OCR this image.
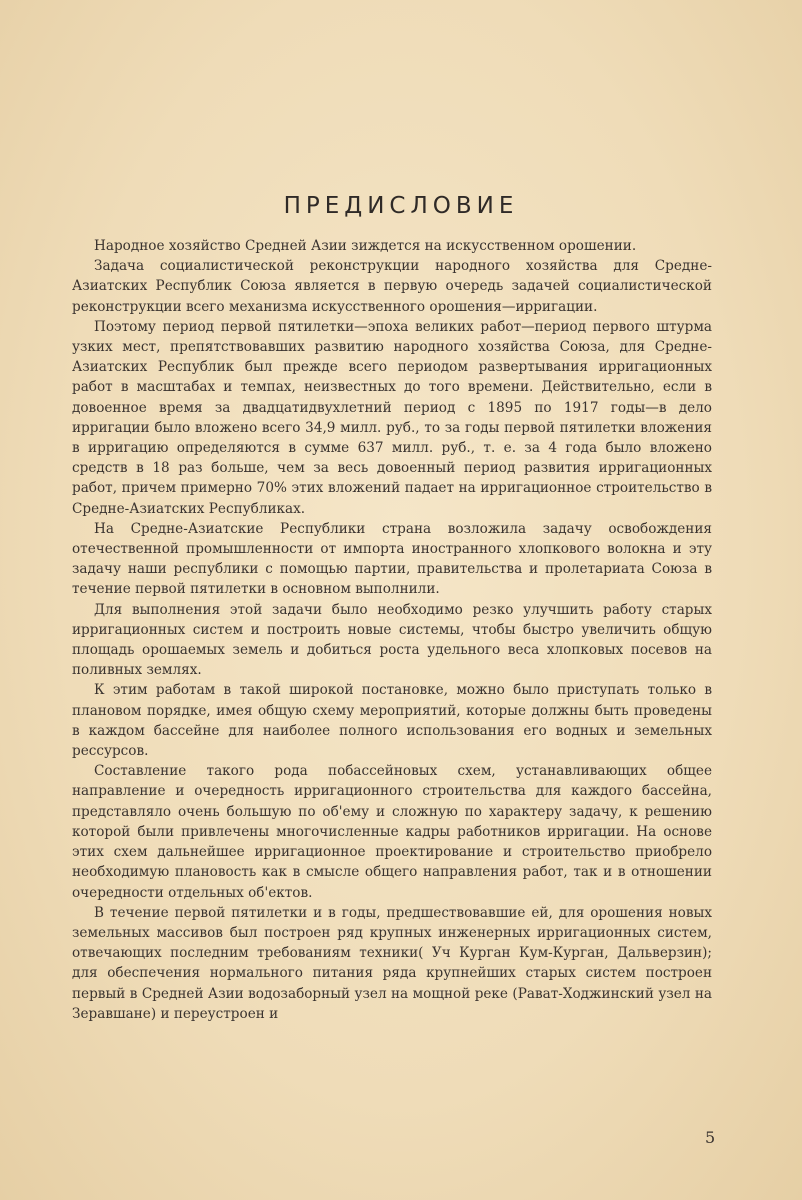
ПРЕДИСЛОВИЕ

Народное хозяйство Средней Азии зиждется на искусственном орошении.

Задача социалистической реконструкции народного хозяйства для Средне-Азиатских Республик Союза является в первую очередь задачей социалистической реконструкции всего механизма искусственного орошения—ирригации.

Поэтому период первой пятилетки—эпоха великих работ—период первого штурма узких мест, препятствовавших развитию народного хозяйства Союза, для Средне-Азиатских Республик был прежде всего периодом развертывания ирригационных работ в масштабах и темпах, неизвестных до того времени. Действительно, если в довоенное время за двадцатидвухлетний период с 1895 по 1917 годы—в дело ирригации было вложено всего 34,9 милл. руб., то за годы первой пятилетки вложения в ирригацию определяются в сумме 637 милл. руб., т. е. за 4 года было вложено средств в 18 раз больше, чем за весь довоенный период развития ирригационных работ, причем примерно 70% этих вложений падает на ирригационное строительство в Средне-Азиатских Республиках.

На Средне-Азиатские Республики страна возложила задачу освобождения отечественной промышленности от импорта иностранного хлопкового волокна и эту задачу наши республики с помощью партии, правительства и пролетариата Союза в течение первой пятилетки в основном выполнили.

Для выполнения этой задачи было необходимо резко улучшить работу старых ирригационных систем и построить новые системы, чтобы быстро увеличить общую площадь орошаемых земель и добиться роста удельного веса хлопковых посевов на поливных землях.

К этим работам в такой широкой постановке, можно было приступать только в плановом порядке, имея общую схему мероприятий, которые должны быть проведены в каждом бассейне для наиболее полного использования его водных и земельных рессурсов.

Составление такого рода побассейновых схем, устанавливающих общее направление и очередность ирригационного строительства для каждого бассейна, представляло очень большую по об'ему и сложную по характеру задачу, к решению которой были привлечены многочисленные кадры работников ирригации. На основе этих схем дальнейшее ирригационное проектирование и строительство приобрело необходимую плановость как в смысле общего направления работ, так и в отношении очередности отдельных об'ектов.

В течение первой пятилетки и в годы, предшествовавшие ей, для орошения новых земельных массивов был построен ряд крупных инженерных ирригационных систем, отвечающих последним требованиям техники( Уч Курган Кум-Курган, Дальверзин); для обеспечения нормального питания ряда крупнейших старых систем построен первый в Средней Азии водозаборный узел на мощной реке (Рават-Ходжинский узел на Зеравшане) и переустроен и

5
